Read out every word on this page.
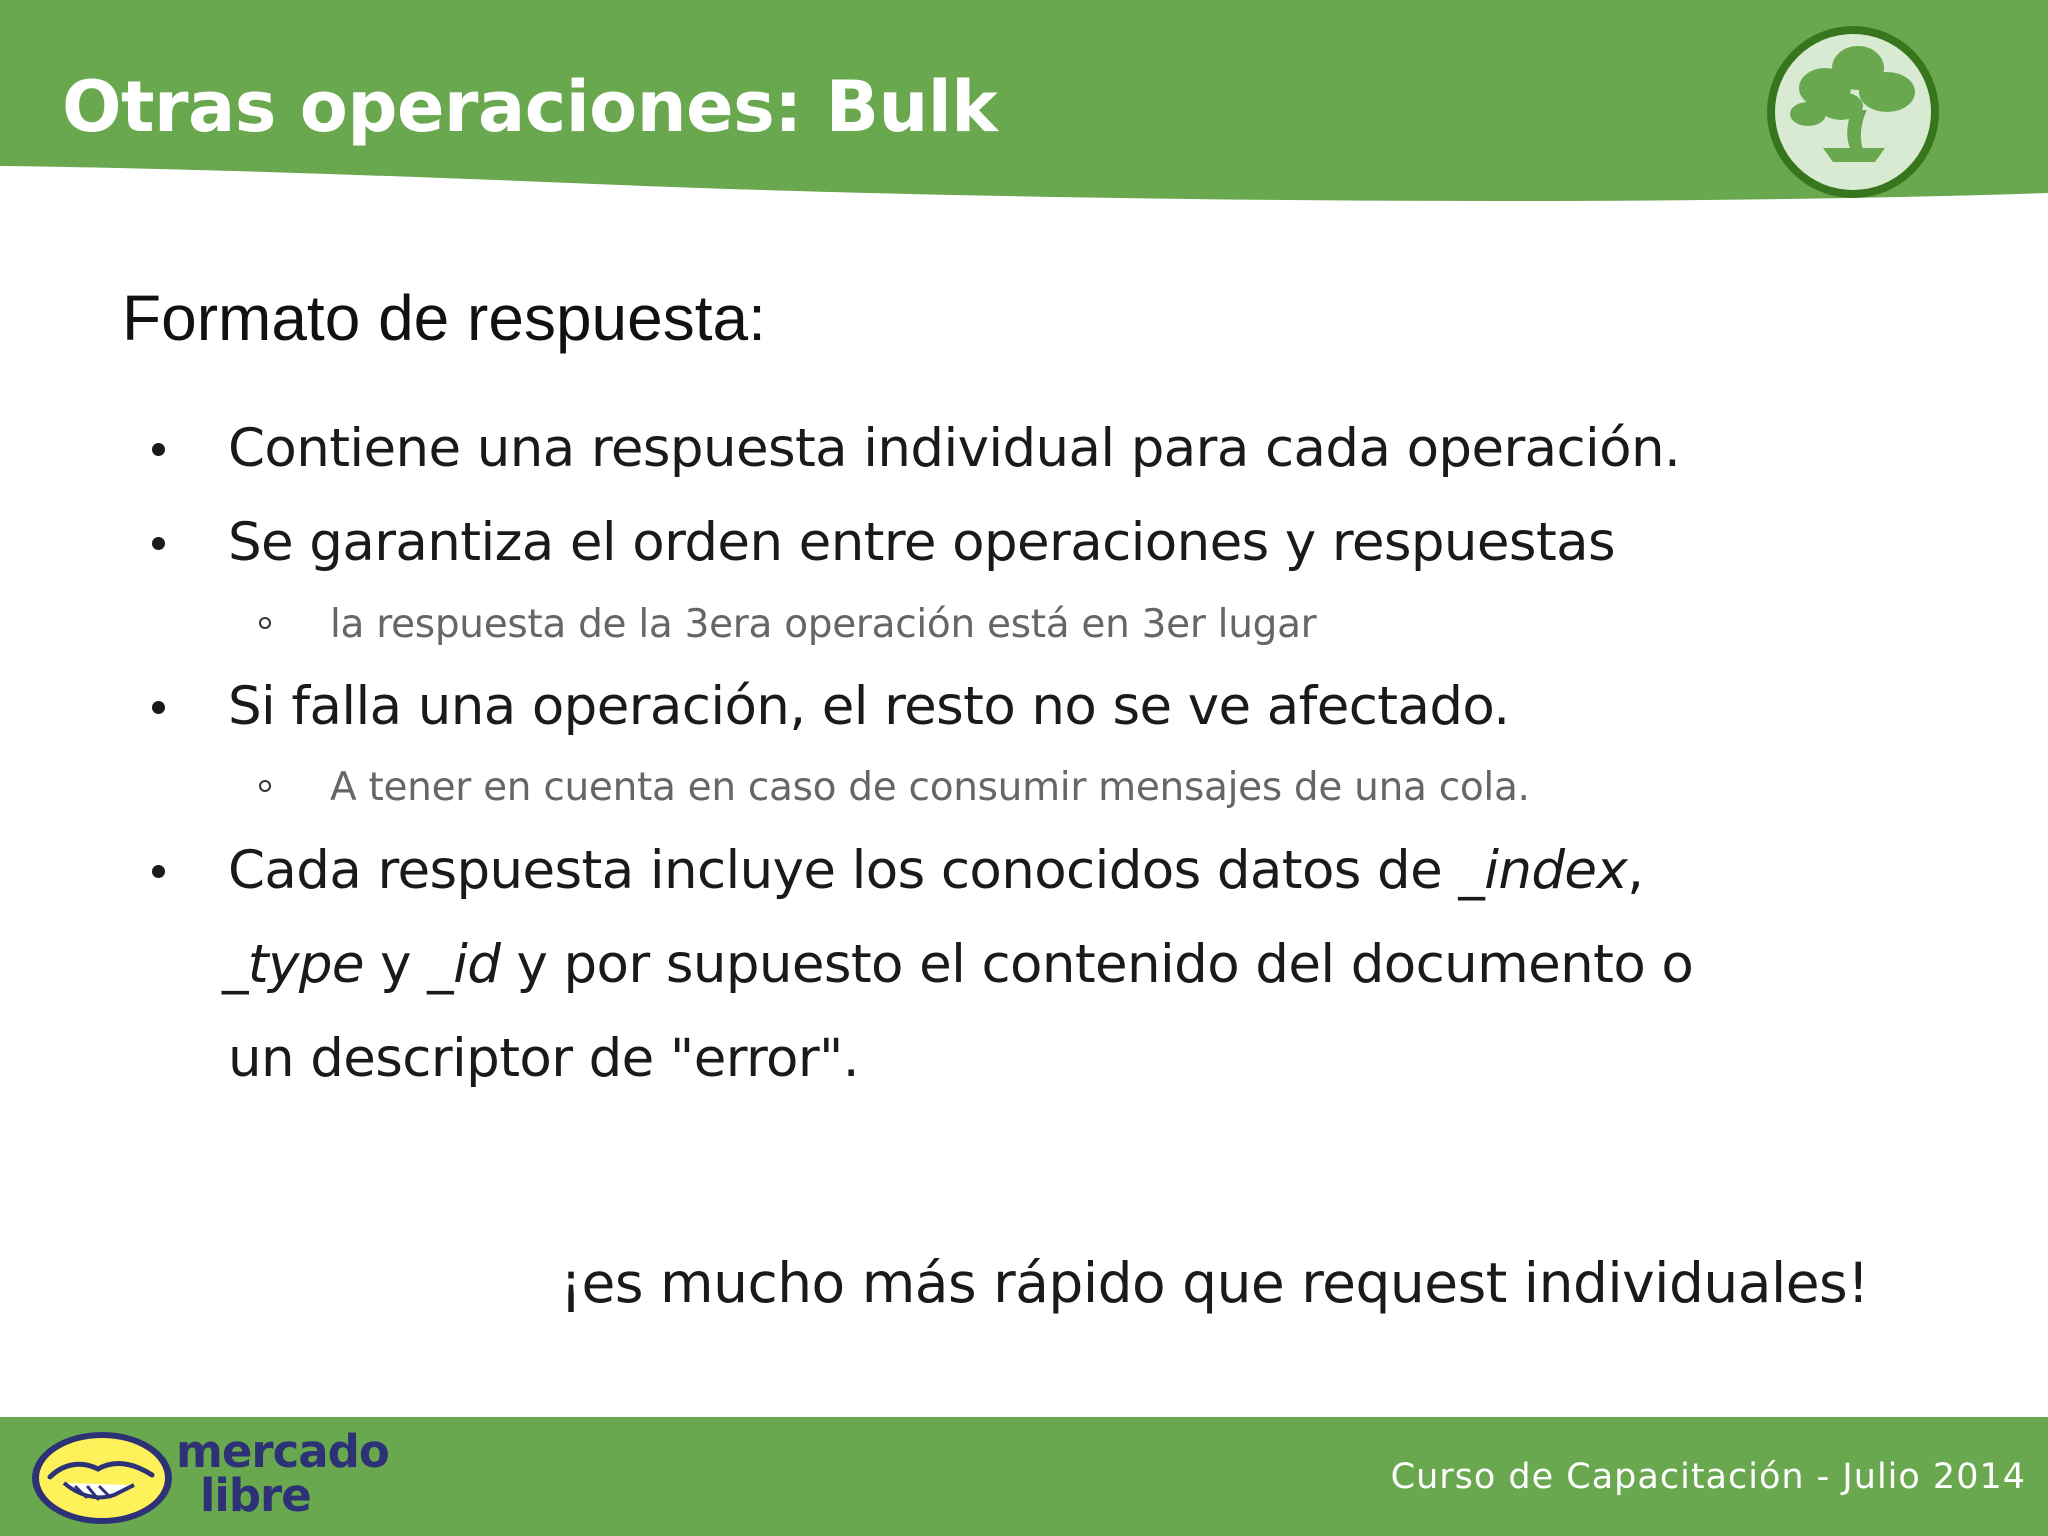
Otras operaciones: Bulk
Formato de respuesta:
Contiene una respuesta individual para cada operación.
Se garantiza el orden entre operaciones y respuestas
la respuesta de la 3era operación está en 3er lugar
Si falla una operación, el resto no se ve afectado.
A tener en cuenta en caso de consumir mensajes de una cola.
Cada respuesta incluye los conocidos datos de _index,
_type y _id y por supuesto el contenido del documento o
un descriptor de "error".

¡es mucho más rápido que request individuales!

mercado
libre	Curso de Capacitación - Julio 2014
